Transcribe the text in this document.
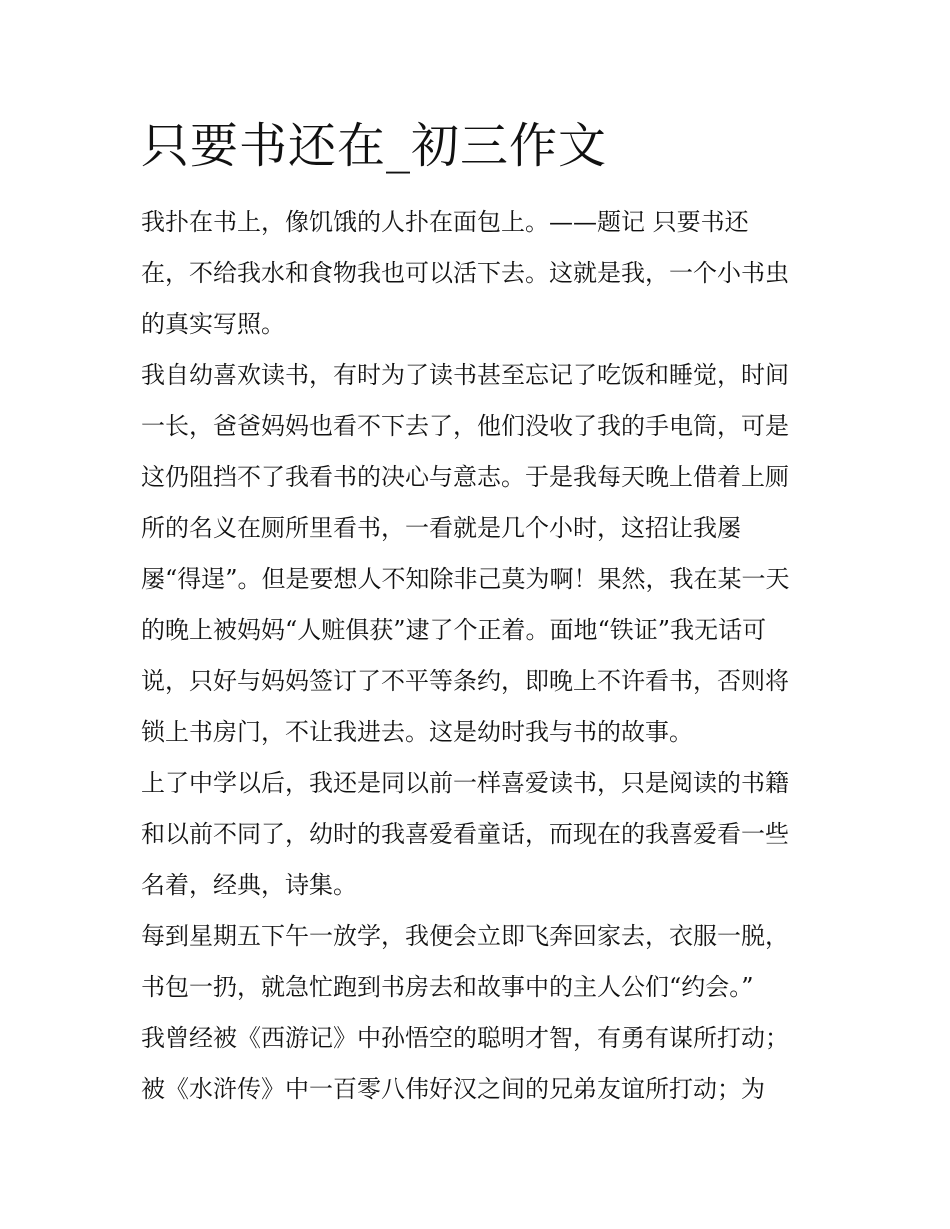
只要书还在_初三作文

我扑在书上，像饥饿的人扑在面包上。——题记 只要书还

在，不给我水和食物我也可以活下去。这就是我，一个小书虫

的真实写照。

我自幼喜欢读书，有时为了读书甚至忘记了吃饭和睡觉，时间

一长，爸爸妈妈也看不下去了，他们没收了我的手电筒，可是

这仍阻挡不了我看书的决心与意志。于是我每天晚上借着上厕

所的名义在厕所里看书，一看就是几个小时，这招让我屡

屡“得逞”。但是要想人不知除非己莫为啊！果然，我在某一天

的晚上被妈妈“人赃俱获”逮了个正着。面地“铁证”我无话可

说，只好与妈妈签订了不平等条约，即晚上不许看书，否则将

锁上书房门，不让我进去。这是幼时我与书的故事。

上了中学以后，我还是同以前一样喜爱读书，只是阅读的书籍

和以前不同了，幼时的我喜爱看童话，而现在的我喜爱看一些

名着，经典，诗集。

每到星期五下午一放学，我便会立即飞奔回家去，衣服一脱，

书包一扔，就急忙跑到书房去和故事中的主人公们“约会。”

我曾经被《西游记》中孙悟空的聪明才智，有勇有谋所打动；

被《水浒传》中一百零八伟好汉之间的兄弟友谊所打动；为
